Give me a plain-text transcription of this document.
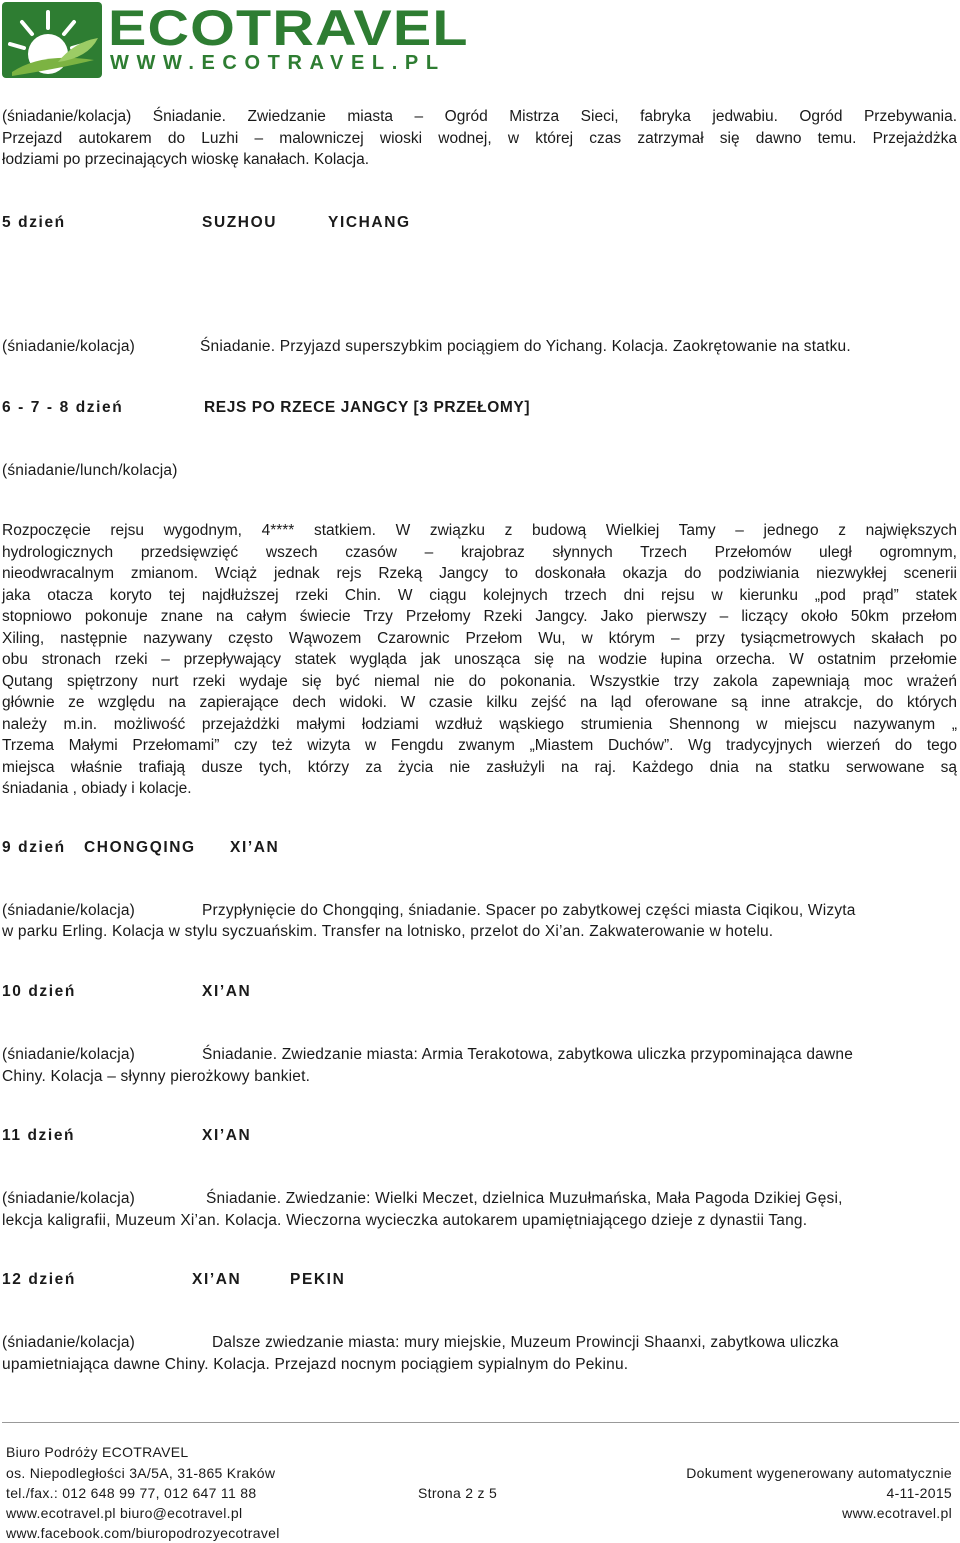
ECOTRAVEL
WWW.ECOTRAVEL.PL
(śniadanie/kolacja) Śniadanie. Zwiedzanie miasta – Ogród Mistrza Sieci, fabryka jedwabiu. Ogród Przebywania.
Przejazd autokarem do Luzhi – malowniczej wioski wodnej, w której czas zatrzymał się dawno temu. Przejażdżka
łodziami po przecinających wioskę kanałach. Kolacja.
5 dzień	SUZHOU	YICHANG
(śniadanie/kolacja)	Śniadanie. Przyjazd superszybkim pociągiem do Yichang. Kolacja. Zaokrętowanie na statku.
6 - 7 - 8 dzień	REJS PO RZECE JANGCY [3 PRZEŁOMY]
(śniadanie/lunch/kolacja)
Rozpoczęcie rejsu wygodnym, 4**** statkiem. W związku z budową Wielkiej Tamy – jednego z największych
hydrologicznych przedsięwzięć wszech czasów – krajobraz słynnych Trzech Przełomów uległ ogromnym,
nieodwracalnym zmianom. Wciąż jednak rejs Rzeką Jangcy to doskonała okazja do podziwiania niezwykłej scenerii
jaka otacza koryto tej najdłuższej rzeki Chin. W ciągu kolejnych trzech dni rejsu w kierunku „pod prąd” statek
stopniowo pokonuje znane na całym świecie Trzy Przełomy Rzeki Jangcy. Jako pierwszy – liczący około 50km przełom
Xiling, następnie nazywany często Wąwozem Czarownic Przełom Wu, w którym – przy tysiącmetrowych skałach po
obu stronach rzeki – przepływający statek wygląda jak unosząca się na wodzie łupina orzecha. W ostatnim przełomie
Qutang spiętrzony nurt rzeki wydaje się być niemal nie do pokonania. Wszystkie trzy zakola zapewniają moc wrażeń
głównie ze względu na zapierające dech widoki. W czasie kilku zejść na ląd oferowane są inne atrakcje, do których
należy m.in. możliwość przejażdżki małymi łodziami wzdłuż wąskiego strumienia Shennong w miejscu nazywanym „
Trzema Małymi Przełomami” czy też wizyta w Fengdu zwanym „Miastem Duchów”. Wg tradycyjnych wierzeń do tego
miejsca właśnie trafiają dusze tych, którzy za życia nie zasłużyli na raj. Każdego dnia na statku serwowane są
śniadania , obiady i kolacje.
9 dzień CHONGQING XI’AN
(śniadanie/kolacja)	Przypłynięcie do Chongqing, śniadanie. Spacer po zabytkowej części miasta Ciqikou, Wizyta
w parku Erling. Kolacja w stylu syczuańskim. Transfer na lotnisko, przelot do Xi’an. Zakwaterowanie w hotelu.
10 dzień	XI’AN
(śniadanie/kolacja)	Śniadanie. Zwiedzanie miasta: Armia Terakotowa, zabytkowa uliczka przypominająca dawne
Chiny. Kolacja – słynny pierożkowy bankiet.
11 dzień	XI’AN
(śniadanie/kolacja)	Śniadanie. Zwiedzanie: Wielki Meczet, dzielnica Muzułmańska, Mała Pagoda Dzikiej Gęsi,
lekcja kaligrafii, Muzeum Xi’an. Kolacja. Wieczorna wycieczka autokarem upamiętniającego dzieje z dynastii Tang.
12 dzień	XI’AN	PEKIN
(śniadanie/kolacja)	Dalsze zwiedzanie miasta: mury miejskie, Muzeum Prowincji Shaanxi, zabytkowa uliczka
upamietniająca dawne Chiny. Kolacja. Przejazd nocnym pociągiem sypialnym do Pekinu.
Biuro Podróży ECOTRAVEL
os. Niepodległości 3A/5A, 31-865 Kraków
tel./fax.: 012 648 99 77, 012 647 11 88
www.ecotravel.pl biuro@ecotravel.pl
www.facebook.com/biuropodrozyecotravel
Strona 2 z 5
Dokument wygenerowany automatycznie
4-11-2015
www.ecotravel.pl
